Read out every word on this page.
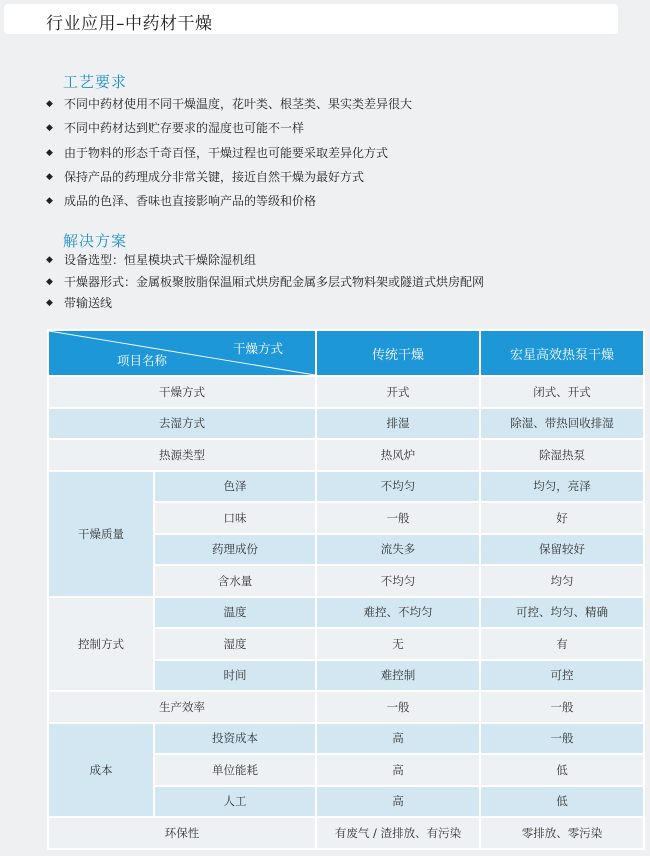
行业应用–中药材干燥
工艺要求
◆ 不同中药材使用不同干燥温度，花叶类、根茎类、果实类差异很大
◆ 不同中药材达到贮存要求的湿度也可能不一样
◆ 由于物料的形态千奇百怪，干燥过程也可能要采取差异化方式
◆ 保持产品的药理成分非常关键，接近自然干燥为最好方式
◆ 成品的色泽、香味也直接影响产品的等级和价格
解决方案
◆ 设备选型：恒星模块式干燥除湿机组
◆ 干燥器形式：金属板聚胺脂保温厢式烘房配金属多层式物料架或隧道式烘房配网
◆ 带输送线
干燥方式
项目名称		传统干燥	宏星高效热泵干燥
干燥方式		开式	闭式、开式
去湿方式		排湿	除湿、带热回收排湿
热源类型		热风炉	除湿热泵
干燥质量	色泽	不均匀	均匀，亮泽
	口味	一般	好
	药理成份	流失多	保留较好
	含水量	不均匀	均匀
控制方式	温度	难控、不均匀	可控、均匀、精确
	湿度	无	有
	时间	难控制	可控
生产效率		一般	一般
成本	投资成本	高	一般
	单位能耗	高	低
	人工	高	低
环保性		有废气 / 渣排放、有污染	零排放、零污染
